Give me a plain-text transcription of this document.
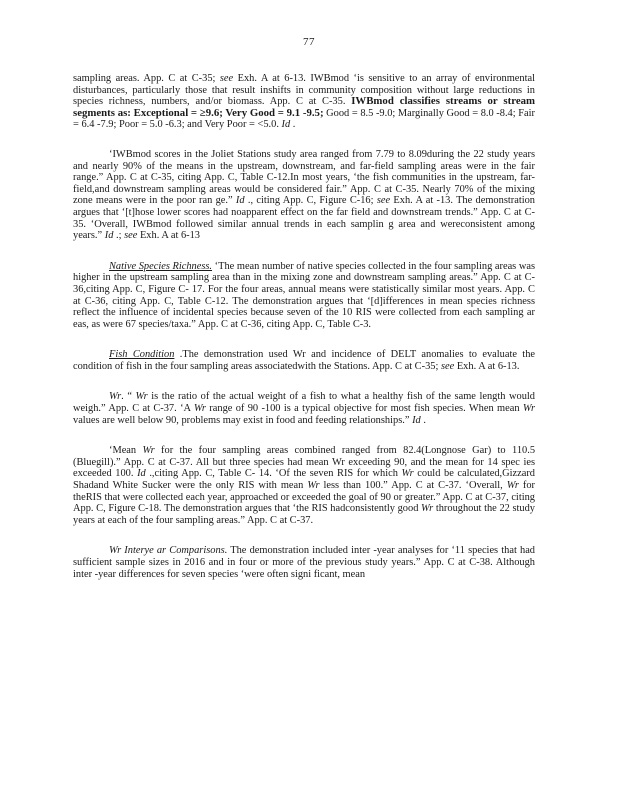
77

sampling areas. App. C at C-35; see Exh. A at 6-13. IWBmod ‘is sensitive to an array of environmental disturbances, particularly those that result inshifts in community composition without large reductions in species richness, numbers, and/or biomass. App. C at C-35. IWBmod classifies streams or stream segments as: Exceptional = ≥9.6; Very Good = 9.1 -9.5; Good = 8.5 -9.0; Marginally Good = 8.0 -8.4; Fair = 6.4 -7.9; Poor = 5.0 -6.3; and Very Poor = <5.0. Id .

‘IWBmod scores in the Joliet Stations study area ranged from 7.79 to 8.09during the 22 study years and nearly 90% of the means in the upstream, downstream, and far-field sampling areas were in the fair range.” App. C at C-35, citing App. C, Table C-12.In most years, ‘the fish communities in the upstream, far-field,and downstream sampling areas would be considered fair.” App. C at C-35. Nearly 70% of the mixing zone means were in the poor ran ge.” Id ., citing App. C, Figure C-16; see Exh. A at -13. The demonstration argues that ‘[t]hose lower scores had noapparent effect on the far field and downstream trends.” App. C at C- 35. ‘Overall, IWBmod followed similar annual trends in each samplin g area and wereconsistent among years.” Id .; see Exh. A at 6-13

Native Species Richness. ‘The mean number of native species collected in the four sampling areas was higher in the upstream sampling area than in the mixing zone and downstream sampling areas.” App. C at C-36,citing App. C, Figure C- 17. For the four areas, annual means were statistically similar most years. App. C at C-36, citing App. C, Table C-12. The demonstration argues that ‘[d]ifferences in mean species richness reflect the influence of incidental species because seven of the 10 RIS were collected from each sampling ar eas, as were 67 species/taxa.” App. C at C-36, citing App. C, Table C-3.

Fish Condition .The demonstration used Wr and incidence of DELT anomalies to evaluate the condition of fish in the four sampling areas associatedwith the Stations. App. C at C-35; see Exh. A at 6-13.

Wr. “ Wr is the ratio of the actual weight of a fish to what a healthy fish of the same length would weigh.” App. C at C-37. ‘A Wr range of 90 -100 is a typical objective for most fish species. When mean Wr values are well below 90, problems may exist in food and feeding relationships.” Id .

‘Mean Wr for the four sampling areas combined ranged from 82.4(Longnose Gar) to 110.5 (Bluegill).” App. C at C-37. All but three species had mean Wr exceeding 90, and the mean for 14 spec ies exceeded 100. Id .,citing App. C, Table C- 14. ‘Of the seven RIS for which Wr could be calculated,Gizzard Shadand White Sucker were the only RIS with mean Wr less than 100.” App. C at C-37. ‘Overall, Wr for theRIS that were collected each year, approached or exceeded the goal of 90 or greater.” App. C at C-37, citing App. C, Figure C-18. The demonstration argues that ‘the RIS hadconsistently good Wr throughout the 22 study years at each of the four sampling areas.” App. C at C-37.

Wr Interye ar Comparisons. The demonstration included inter -year analyses for ‘11 species that had sufficient sample sizes in 2016 and in four or more of the previous study years.” App. C at C-38. Although inter -year differences for seven species ‘were often signi ficant, mean
